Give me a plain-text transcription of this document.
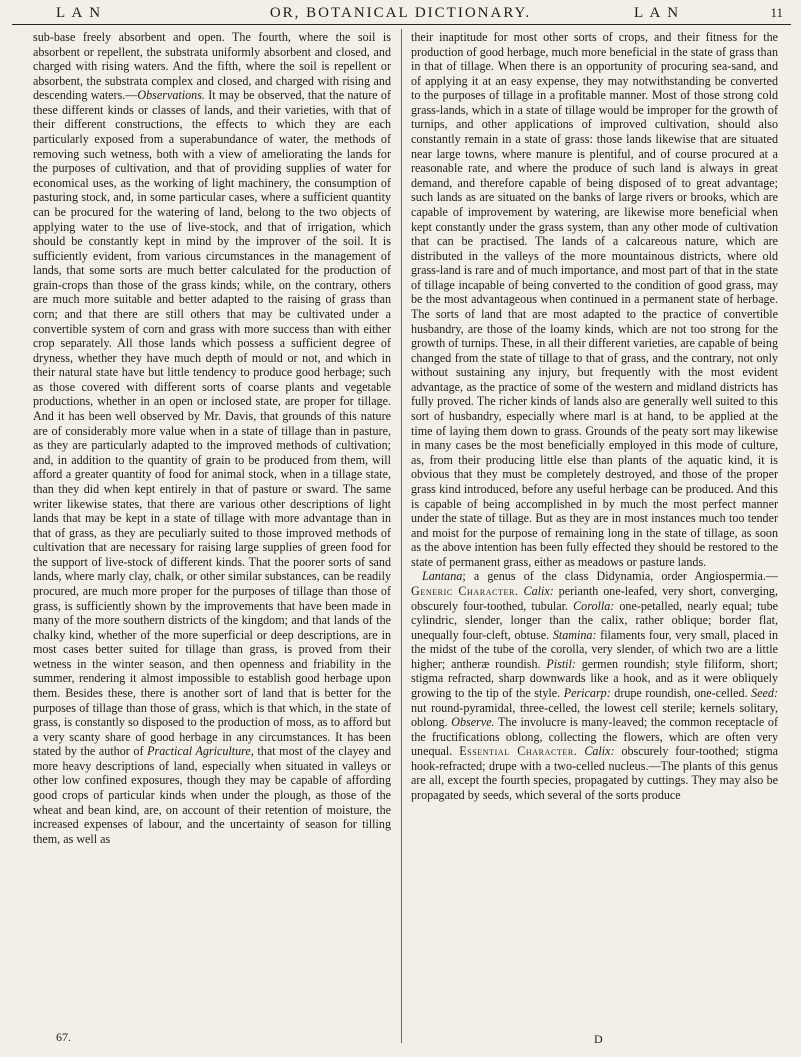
L A N	OR, BOTANICAL DICTIONARY.	L A N	11

sub-base freely absorbent and open. The fourth, where the soil is absorbent or repellent, the substrata uniformly absorbent and closed, and charged with rising waters. And the fifth, where the soil is repellent or absorbent, the substrata complex and closed, and charged with rising and descending waters.—Observations. It may be observed, that the nature of these different kinds or classes of lands, and their varieties, with that of their different constructions, the effects to which they are each particularly exposed from a superabundance of water, the methods of removing such wetness, both with a view of ameliorating the lands for the purposes of cultivation, and that of providing supplies of water for economical uses, as the working of light machinery, the consumption of pasturing stock, and, in some particular cases, where a sufficient quantity can be procured for the watering of land, belong to the two objects of applying water to the use of live-stock, and that of irrigation, which should be constantly kept in mind by the improver of the soil. It is sufficiently evident, from various circumstances in the management of lands, that some sorts are much better calculated for the production of grain-crops than those of the grass kinds; while, on the contrary, others are much more suitable and better adapted to the raising of grass than corn; and that there are still others that may be cultivated under a convertible system of corn and grass with more success than with either crop separately. All those lands which possess a sufficient degree of dryness, whether they have much depth of mould or not, and which in their natural state have but little tendency to produce good herbage; such as those covered with different sorts of coarse plants and vegetable productions, whether in an open or inclosed state, are proper for tillage. And it has been well observed by Mr. Davis, that grounds of this nature are of considerably more value when in a state of tillage than in pasture, as they are particularly adapted to the improved methods of cultivation; and, in addition to the quantity of grain to be produced from them, will afford a greater quantity of food for animal stock, when in a tillage state, than they did when kept entirely in that of pasture or sward. The same writer likewise states, that there are various other descriptions of light lands that may be kept in a state of tillage with more advantage than in that of grass, as they are peculiarly suited to those improved methods of cultivation that are necessary for raising large supplies of green food for the support of live-stock of different kinds. That the poorer sorts of sand lands, where marly clay, chalk, or other similar substances, can be readily procured, are much more proper for the purposes of tillage than those of grass, is sufficiently shown by the improvements that have been made in many of the more southern districts of the kingdom; and that lands of the chalky kind, whether of the more superficial or deep descriptions, are in most cases better suited for tillage than grass, is proved from their wetness in the winter season, and then openness and friability in the summer, rendering it almost impossible to establish good herbage upon them. Besides these, there is another sort of land that is better for the purposes of tillage than those of grass, which is that which, in the state of grass, is constantly so disposed to the production of moss, as to afford but a very scanty share of good herbage in any circumstances. It has been stated by the author of Practical Agriculture, that most of the clayey and more heavy descriptions of land, especially when situated in valleys or other low confined exposures, though they may be capable of affording good crops of particular kinds when under the plough, as those of the wheat and bean kind, are, on account of their retention of moisture, the increased expenses of labour, and the uncertainty of season for tilling them, as well as

their inaptitude for most other sorts of crops, and their fitness for the production of good herbage, much more beneficial in the state of grass than in that of tillage. When there is an opportunity of procuring sea-sand, and of applying it at an easy expense, they may notwithstanding be converted to the purposes of tillage in a profitable manner. Most of those strong cold grass-lands, which in a state of tillage would be improper for the growth of turnips, and other applications of improved cultivation, should also constantly remain in a state of grass: those lands likewise that are situated near large towns, where manure is plentiful, and of course procured at a reasonable rate, and where the produce of such land is always in great demand, and therefore capable of being disposed of to great advantage; such lands as are situated on the banks of large rivers or brooks, which are capable of improvement by watering, are likewise more beneficial when kept constantly under the grass system, than any other mode of cultivation that can be practised. The lands of a calcareous nature, which are distributed in the valleys of the more mountainous districts, where old grass-land is rare and of much importance, and most part of that in the state of tillage incapable of being converted to the condition of good grass, may be the most advantageous when continued in a permanent state of herbage. The sorts of land that are most adapted to the practice of convertible husbandry, are those of the loamy kinds, which are not too strong for the growth of turnips. These, in all their different varieties, are capable of being changed from the state of tillage to that of grass, and the contrary, not only without sustaining any injury, but frequently with the most evident advantage, as the practice of some of the western and midland districts has fully proved. The richer kinds of lands also are generally well suited to this sort of husbandry, especially where marl is at hand, to be applied at the time of laying them down to grass. Grounds of the peaty sort may likewise in many cases be the most beneficially employed in this mode of culture, as, from their producing little else than plants of the aquatic kind, it is obvious that they must be completely destroyed, and those of the proper grass kind introduced, before any useful herbage can be produced. And this is capable of being accomplished in by much the most perfect manner under the state of tillage. But as they are in most instances much too tender and moist for the purpose of remaining long in the state of tillage, as soon as the above intention has been fully effected they should be restored to the state of permanent grass, either as meadows or pasture lands.

Lantana; a genus of the class Didynamia, order Angiospermia.—Generic Character. Calix: perianth one-leafed, very short, converging, obscurely four-toothed, tubular. Corolla: one-petalled, nearly equal; tube cylindric, slender, longer than the calix, rather oblique; border flat, unequally four-cleft, obtuse. Stamina: filaments four, very small, placed in the midst of the tube of the corolla, very slender, of which two are a little higher; antheræ roundish. Pistil: germen roundish; style filiform, short; stigma refracted, sharp downwards like a hook, and as it were obliquely growing to the tip of the style. Pericarp: drupe roundish, one-celled. Seed: nut round-pyramidal, three-celled, the lowest cell sterile; kernels solitary, oblong. Observe. The involucre is many-leaved; the common receptacle of the fructifications oblong, collecting the flowers, which are often very unequal. Essential Character. Calix: obscurely four-toothed; stigma hook-refracted; drupe with a two-celled nucleus.—The plants of this genus are all, except the fourth species, propagated by cuttings. They may also be propagated by seeds, which several of the sorts produce

67.	D
